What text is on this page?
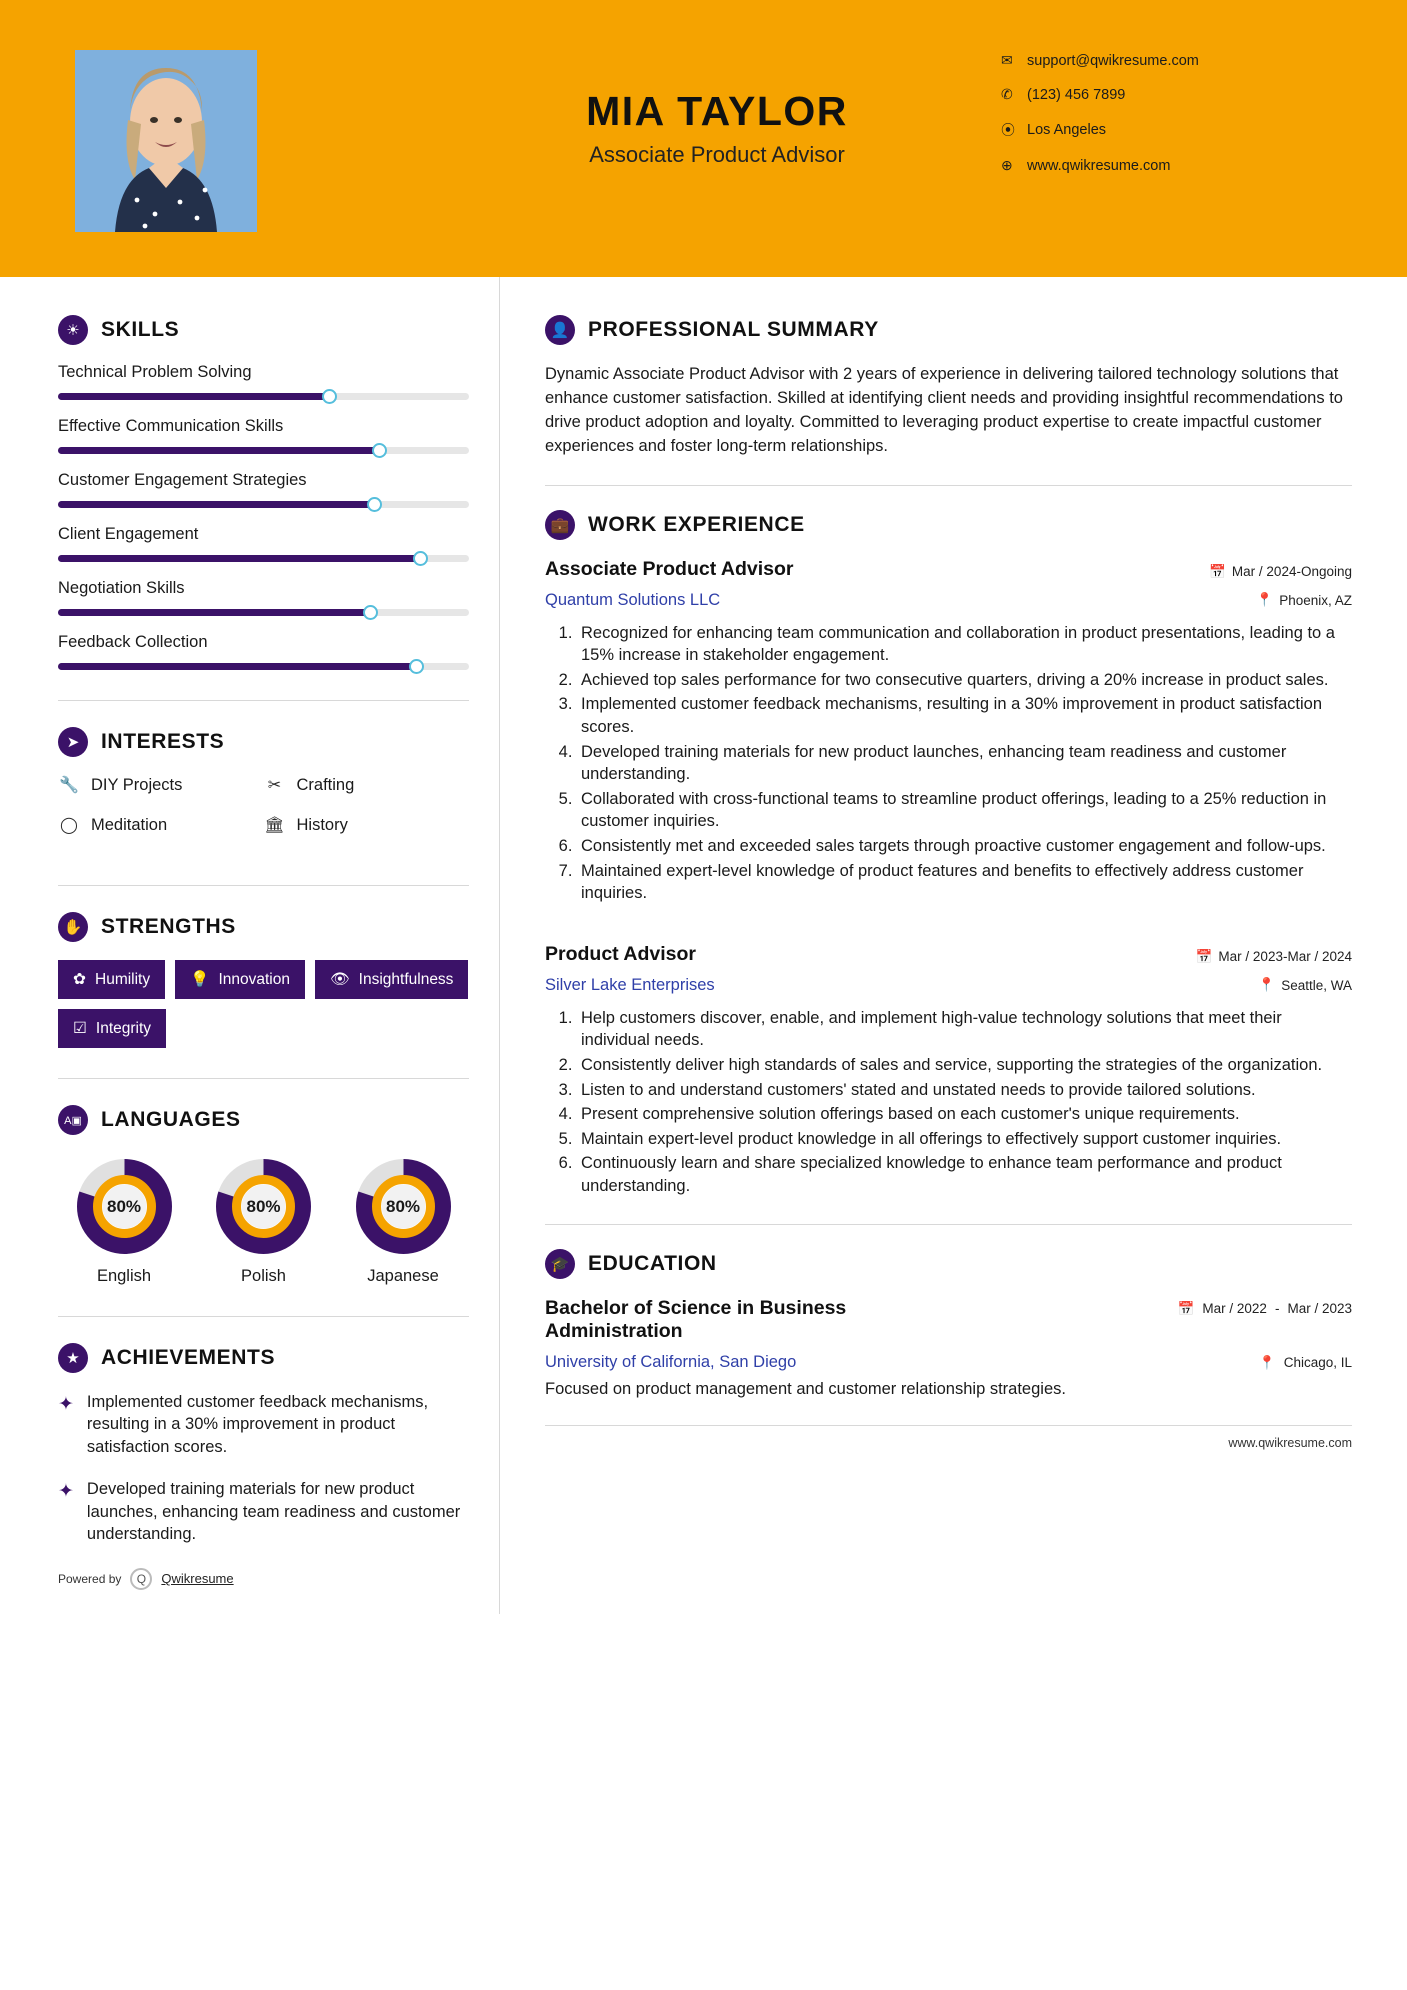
MIA TAYLOR
Associate Product Advisor
✉ support@qwikresume.com
✆ (123) 456 7899
⦿ Los Angeles
⊕ www.qwikresume.com
☀	SKILLS
Technical Problem Solving
Effective Communication Skills
Customer Engagement Strategies
Client Engagement
Negotiation Skills
Feedback Collection
➤	INTERESTS
🔧 DIY Projects	✂ Crafting
◯ Meditation	🏛 History
✋ STRENGTHS
✿ Humility	💡 Innovation	👁 Insightfulness
☑ Integrity
A▣ LANGUAGES
80%
English
80%
Polish
80%
Japanese
★	ACHIEVEMENTS
✦ Implemented customer feedback mechanisms, resulting in a 30% improvement in product satisfaction scores.
✦ Developed training materials for new product launches, enhancing team readiness and customer understanding.
Powered by	Q	Qwikresume
👤 PROFESSIONAL SUMMARY
Dynamic Associate Product Advisor with 2 years of experience in delivering tailored technology solutions that enhance customer satisfaction. Skilled at identifying client needs and providing insightful recommendations to drive product adoption and loyalty. Committed to leveraging product expertise to create impactful customer experiences and foster long-term relationships.
💼 WORK EXPERIENCE
Associate Product Advisor	📅 Mar / 2024-Ongoing
Quantum Solutions LLC	📍 Phoenix, AZ
1. Recognized for enhancing team communication and collaboration in product presentations, leading to a 15% increase in stakeholder engagement.
2. Achieved top sales performance for two consecutive quarters, driving a 20% increase in product sales.
3. Implemented customer feedback mechanisms, resulting in a 30% improvement in product satisfaction scores.
4. Developed training materials for new product launches, enhancing team readiness and customer understanding.
5. Collaborated with cross-functional teams to streamline product offerings, leading to a 25% reduction in customer inquiries.
6. Consistently met and exceeded sales targets through proactive customer engagement and follow-ups.
7. Maintained expert-level knowledge of product features and benefits to effectively address customer inquiries.
Product Advisor	📅 Mar / 2023-Mar / 2024
Silver Lake Enterprises	📍 Seattle, WA
1. Help customers discover, enable, and implement high-value technology solutions that meet their individual needs.
2. Consistently deliver high standards of sales and service, supporting the strategies of the organization.
3. Listen to and understand customers' stated and unstated needs to provide tailored solutions.
4. Present comprehensive solution offerings based on each customer's unique requirements.
5. Maintain expert-level product knowledge in all offerings to effectively support customer inquiries.
6. Continuously learn and share specialized knowledge to enhance team performance and product understanding.
🎓 EDUCATION
Bachelor of Science in Business Administration
📅 Mar / 2022 - Mar / 2023
University of California, San Diego	📍 Chicago, IL
Focused on product management and customer relationship strategies.
www.qwikresume.com
